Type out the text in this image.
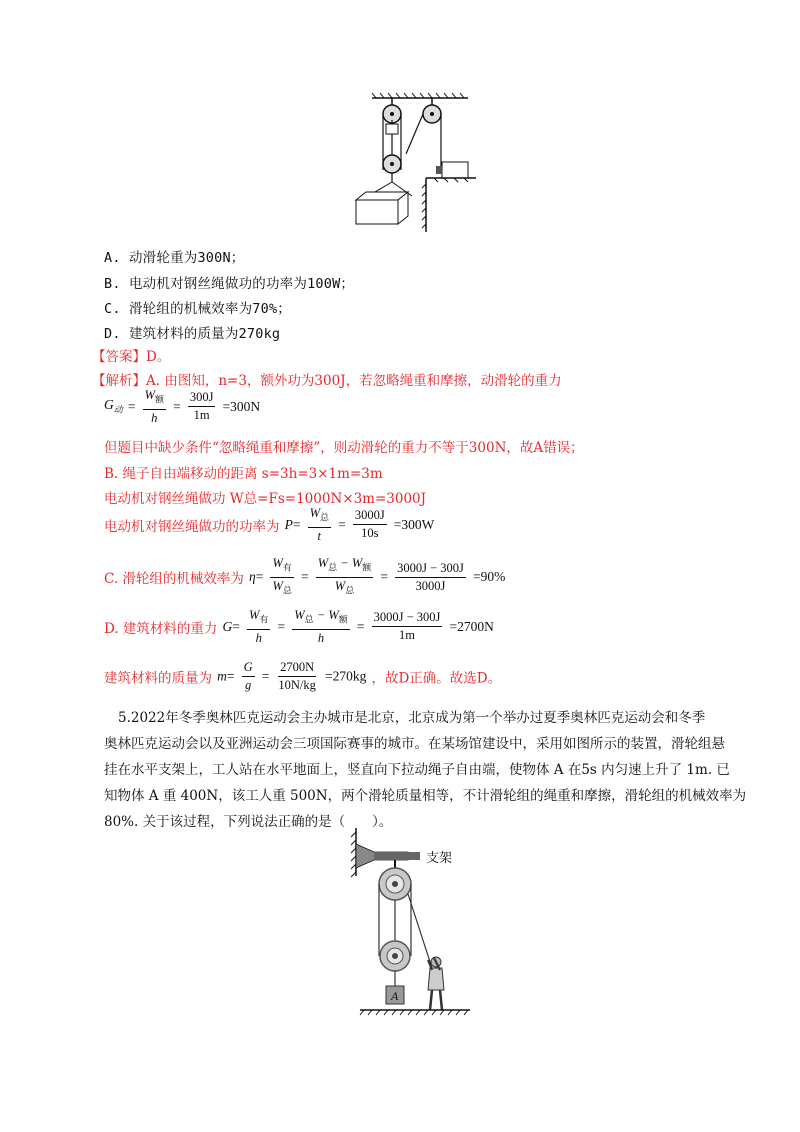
A. 动滑轮重为300N；
B. 电动机对钢丝绳做功的功率为100W；
C. 滑轮组的机械效率为70%；
D. 建筑材料的质量为270kg
【答案】D。
【解析】A. 由图知，n=3，额外功为300J，若忽略绳重和摩擦，动滑轮的重力
$G_动 = \frac{W_额}{h} = \frac{300J}{1m} =300N$
但题目中缺少条件“忽略绳重和摩擦”，则动滑轮的重力不等于300N，故A错误；
B. 绳子自由端移动的距离 s=3h=3×1m=3m
电动机对钢丝绳做功 W总=Fs=1000N×3m=3000J
电动机对钢丝绳做功的功率为 $P= \frac{W_总}{t} = \frac{3000J}{10s} =300W$
C. 滑轮组的机械效率为 $\eta= \frac{W_有}{W_总} = \frac{W_总 - W_额}{W_总} = \frac{3000J - 300J}{3000J} =90\%$
D. 建筑材料的重力 $G= \frac{W_有}{h} = \frac{W_总 - W_额}{h} = \frac{3000J - 300J}{1m} =2700N$
建筑材料的质量为 $m= \frac{G}{g} = \frac{2700N}{10N/kg} =270kg$ ，故D正确。故选D。
5.2022年冬季奥林匹克运动会主办城市是北京，北京成为第一个举办过夏季奥林匹克运动会和冬季
奥林匹克运动会以及亚洲运动会三项国际赛事的城市。在某场馆建设中，采用如图所示的装置，滑轮组悬
挂在水平支架上，工人站在水平地面上，竖直向下拉动绳子自由端，使物体 A 在5s 内匀速上升了 1m. 已
知物体 A 重 400N，该工人重 500N，两个滑轮质量相等，不计滑轮组的绳重和摩擦，滑轮组的机械效率为
80%. 关于该过程，下列说法正确的是（　　）。
支架
A
